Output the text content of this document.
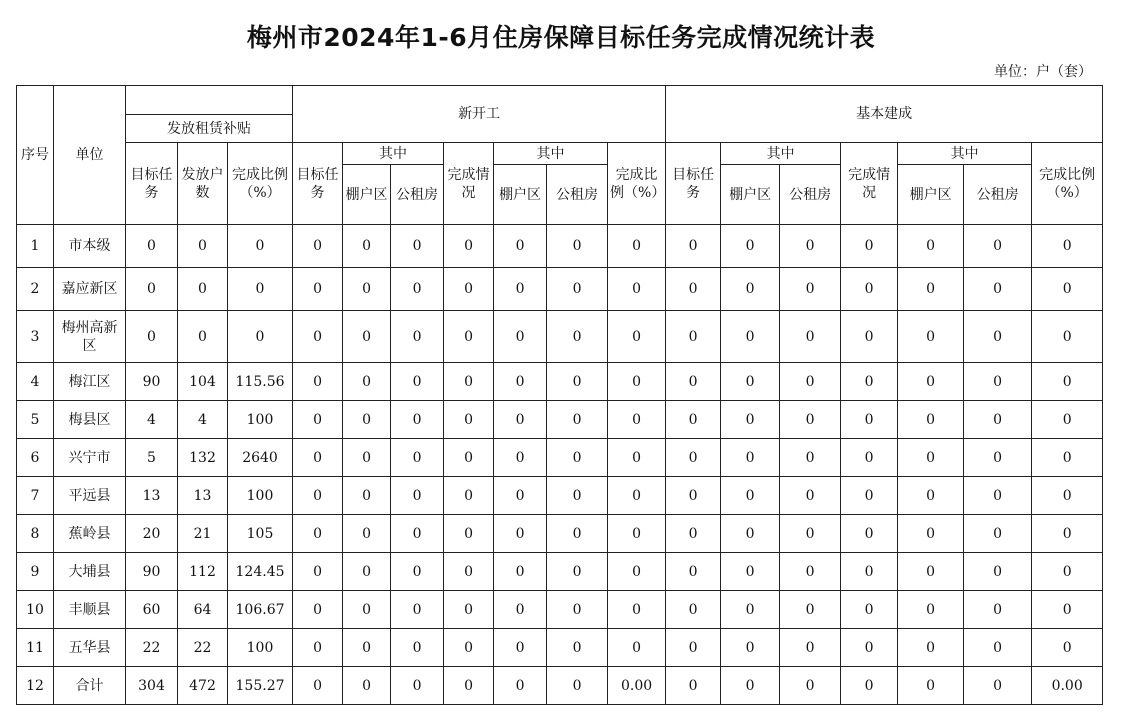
梅州市2024年1-6月住房保障目标任务完成情况统计表
单位：户（套）
序号	单位				新开工							基本建成						
		发放租赁补贴																
		目标任务	发放户数	完成比例（%）	目标任务	其中		完成情况	其中		完成比例（%）	目标任务	其中		完成情况	其中		完成比例（%）
						棚户区	公租房		棚户区	公租房			棚户区	公租房		棚户区	公租房	
1	市本级	0	0	0	0	0	0	0	0	0	0	0	0	0	0	0	0	0
2	嘉应新区	0	0	0	0	0	0	0	0	0	0	0	0	0	0	0	0	0
3	梅州高新区	0	0	0	0	0	0	0	0	0	0	0	0	0	0	0	0	0
4	梅江区	90	104	115.56	0	0	0	0	0	0	0	0	0	0	0	0	0	0
5	梅县区	4	4	100	0	0	0	0	0	0	0	0	0	0	0	0	0	0
6	兴宁市	5	132	2640	0	0	0	0	0	0	0	0	0	0	0	0	0	0
7	平远县	13	13	100	0	0	0	0	0	0	0	0	0	0	0	0	0	0
8	蕉岭县	20	21	105	0	0	0	0	0	0	0	0	0	0	0	0	0	0
9	大埔县	90	112	124.45	0	0	0	0	0	0	0	0	0	0	0	0	0	0
10	丰顺县	60	64	106.67	0	0	0	0	0	0	0	0	0	0	0	0	0	0
11	五华县	22	22	100	0	0	0	0	0	0	0	0	0	0	0	0	0	0
12	合计	304	472	155.27	0	0	0	0	0	0	0.00	0	0	0	0	0	0	0.00
